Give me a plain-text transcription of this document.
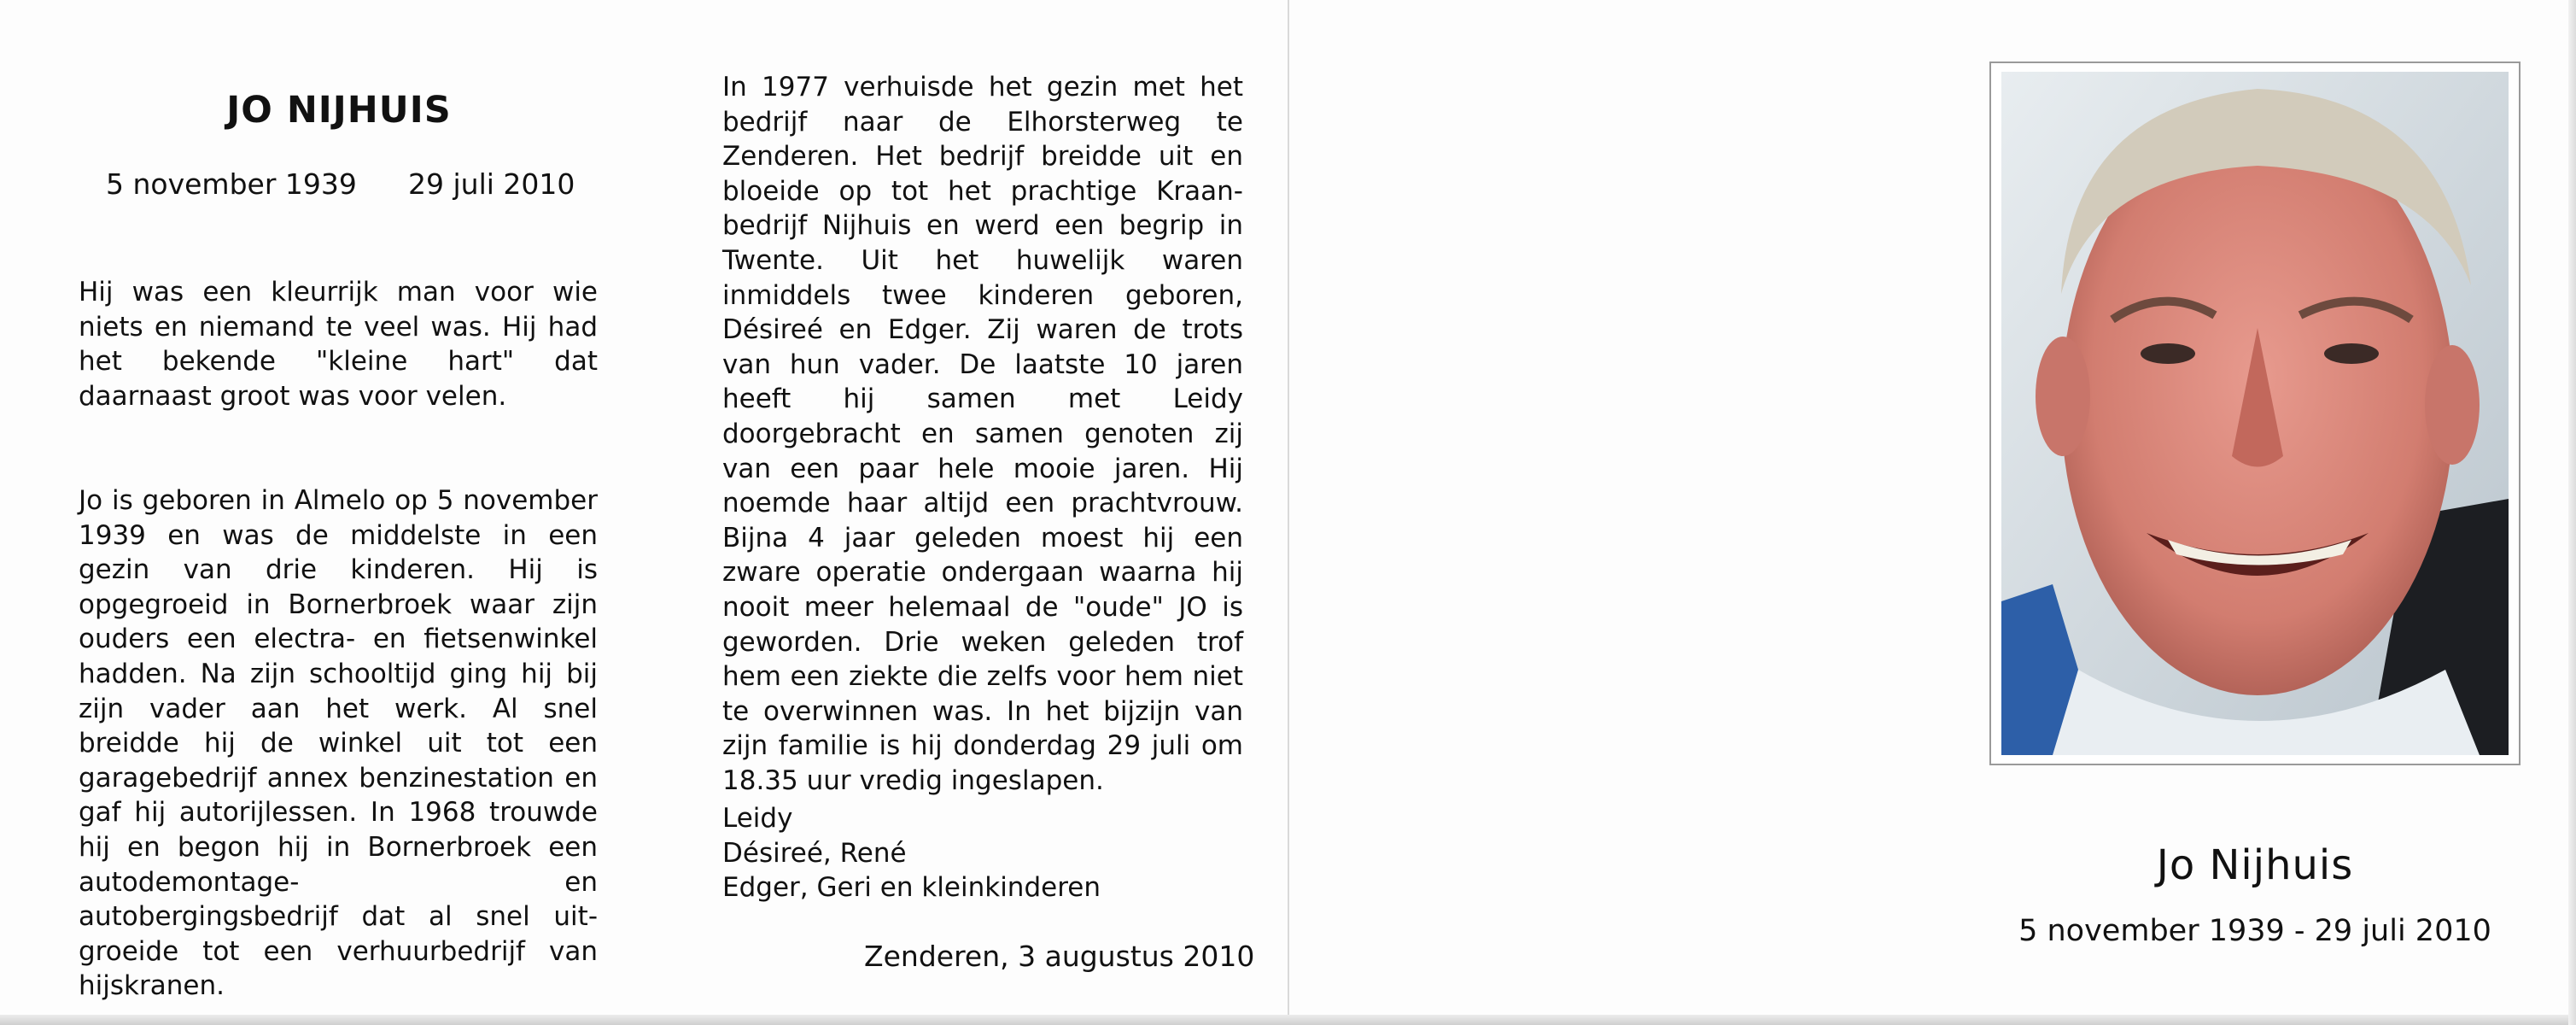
JO NIJHUIS
5 november 1939 29 juli 2010

Hij was een kleurrijk man voor wie niets en niemand te veel was. Hij had het bekende "kleine hart" dat daarnaast groot was voor velen.

Jo is geboren in Almelo op 5 november 1939 en was de middelste in een gezin van drie kinderen. Hij is opgegroeid in Bornerbroek waar zijn ouders een electra- en fietsenwinkel hadden. Na zijn schooltijd ging hij bij zijn vader aan het werk. Al snel breidde hij de winkel uit tot een garagebedrijf annex benzinestation en gaf hij autorijlessen. In 1968 trouwde hij en begon hij in Bornerbroek een autodemontage- en autobergingsbedrijf dat al snel uit-groeide tot een verhuurbedrijf van hijskranen.

In 1977 verhuisde het gezin met het bedrijf naar de Elhorsterweg te Zenderen. Het bedrijf breidde uit en bloeide op tot het prachtige Kraan-bedrijf Nijhuis en werd een begrip in Twente. Uit het huwelijk waren inmiddels twee kinderen geboren, Désireé en Edger. Zij waren de trots van hun vader. De laatste 10 jaren heeft hij samen met Leidy doorgebracht en samen genoten zij van een paar hele mooie jaren. Hij noemde haar altijd een prachtvrouw. Bijna 4 jaar geleden moest hij een zware operatie ondergaan waarna hij nooit meer helemaal de "oude" JO is geworden. Drie weken geleden trof hem een ziekte die zelfs voor hem niet te overwinnen was. In het bijzijn van zijn familie is hij donderdag 29 juli om 18.35 uur vredig ingeslapen.

Leidy
Désireé, René
Edger, Geri en kleinkinderen
Zenderen, 3 augustus 2010
Jo Nijhuis
5 november 1939 - 29 juli 2010
